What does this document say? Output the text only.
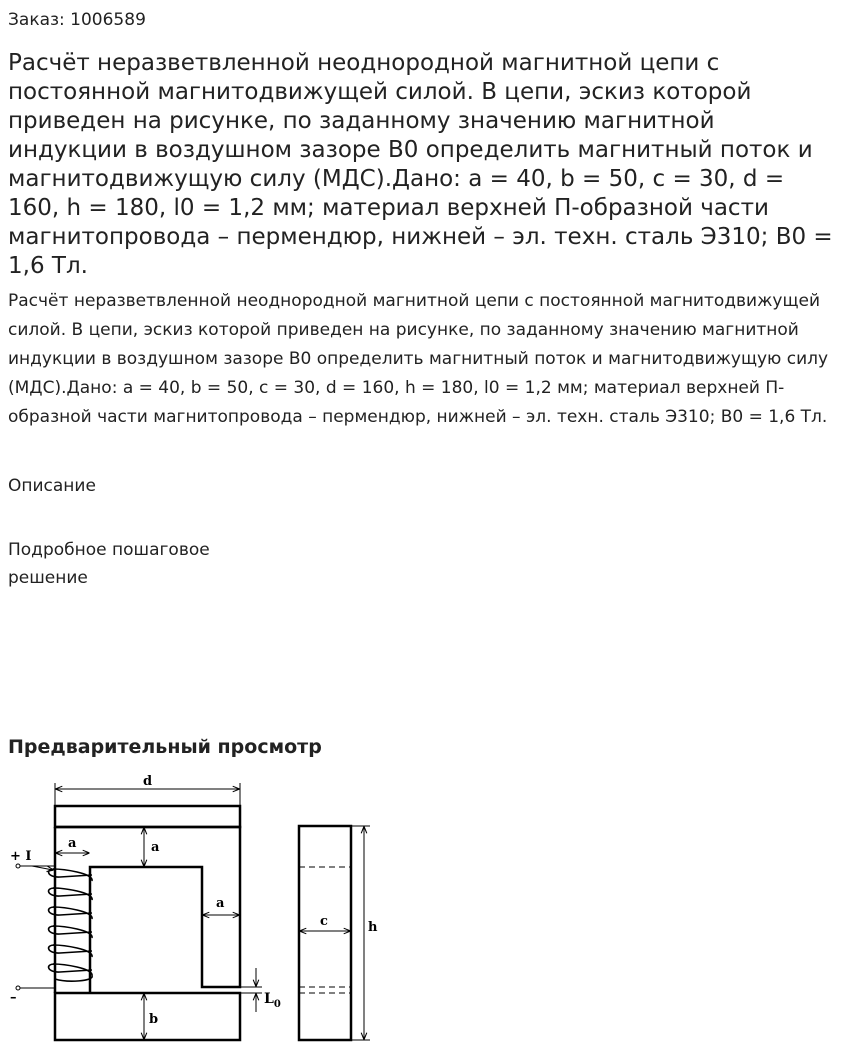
Заказ: 1006589
Расчёт неразветвленной неоднородной магнитной цепи с постоянной магнитодвижущей силой. В цепи, эскиз которой приведен на рисунке, по заданному значению магнитной индукции в воздушном зазоре В0 определить магнитный поток и магнитодвижущую силу (МДС).Дано: а = 40, b = 50, c = 30, d = 160, h = 180, l0 = 1,2 мм; материал верхней П-образной части магнитопровода – пермендюр, нижней – эл. техн. сталь Э310; В0 = 1,6 Тл.

Расчёт неразветвленной неоднородной магнитной цепи с постоянной магнитодвижущей силой. В цепи, эскиз которой приведен на рисунке, по заданному значению магнитной индукции в воздушном зазоре В0 определить магнитный поток и магнитодвижущую силу (МДС).Дано: а = 40, b = 50, c = 30, d = 160, h = 180, l0 = 1,2 мм; материал верхней П-образной части магнитопровода – пермендюр, нижней – эл. техн. сталь Э310; В0 = 1,6 Тл.

Описание
Подробное пошаговое решение
Предварительный просмотр
d
a
a
a
b
$L_0$
+ I
–
c	h
